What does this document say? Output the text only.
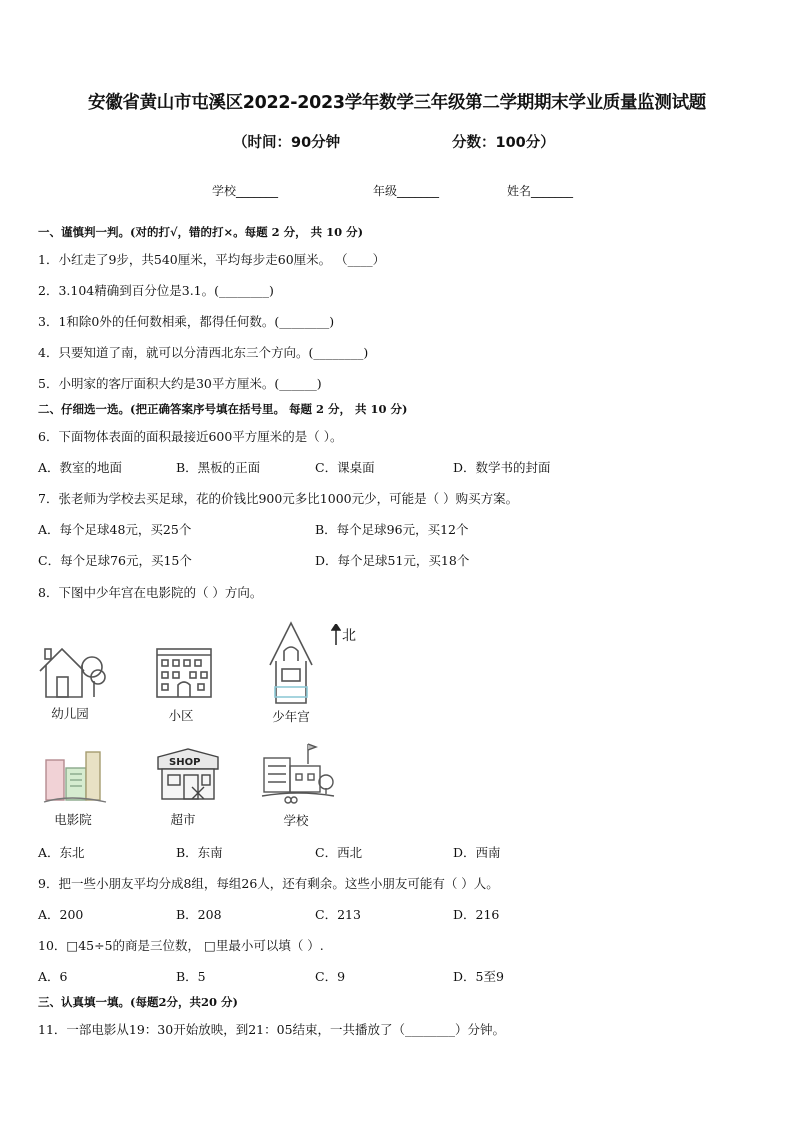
安徽省黄山市屯溪区2022-2023学年数学三年级第二学期期末学业质量监测试题
（时间：90分钟	分数：100分）
学校_______	年级_______	姓名_______
一、谨慎判一判。(对的打√，错的打×。每题 2 分， 共 10 分)
1．小红走了9步，共540厘米，平均每步走60厘米。 （____）
2．3.104精确到百分位是3.1。(________)
3．1和除0外的任何数相乘，都得任何数。(________)
4．只要知道了南，就可以分清西北东三个方向。(________)
5．小明家的客厅面积大约是30平方厘米。(______)
二、仔细选一选。(把正确答案序号填在括号里。 每题 2 分， 共 10 分)
6．下面物体表面的面积最接近600平方厘米的是（ ）。
A．教室的地面	B．黑板的正面	C．课桌面	D．数学书的封面
7．张老师为学校去买足球，花的价钱比900元多比1000元少，可能是（ ）购买方案。
A．每个足球48元，买25个	B．每个足球96元，买12个
C．每个足球76元，买15个	D．每个足球51元，买18个
8．下图中少年宫在电影院的（ ）方向。
幼儿园	小区	少年宫
北
电影院
SHOP
超市	学校
A．东北	B．东南	C．西北	D．西南
9．把一些小朋友平均分成8组，每组26人，还有剩余。这些小朋友可能有（ ）人。
A．200	B．208	C．213	D．216
10．□45÷5的商是三位数， □里最小可以填（ ）.
A．6	B．5	C．9	D．5至9
三、认真填一填。(每题2分，共20 分)
11．一部电影从19：30开始放映，到21：05结束，一共播放了（________）分钟。
